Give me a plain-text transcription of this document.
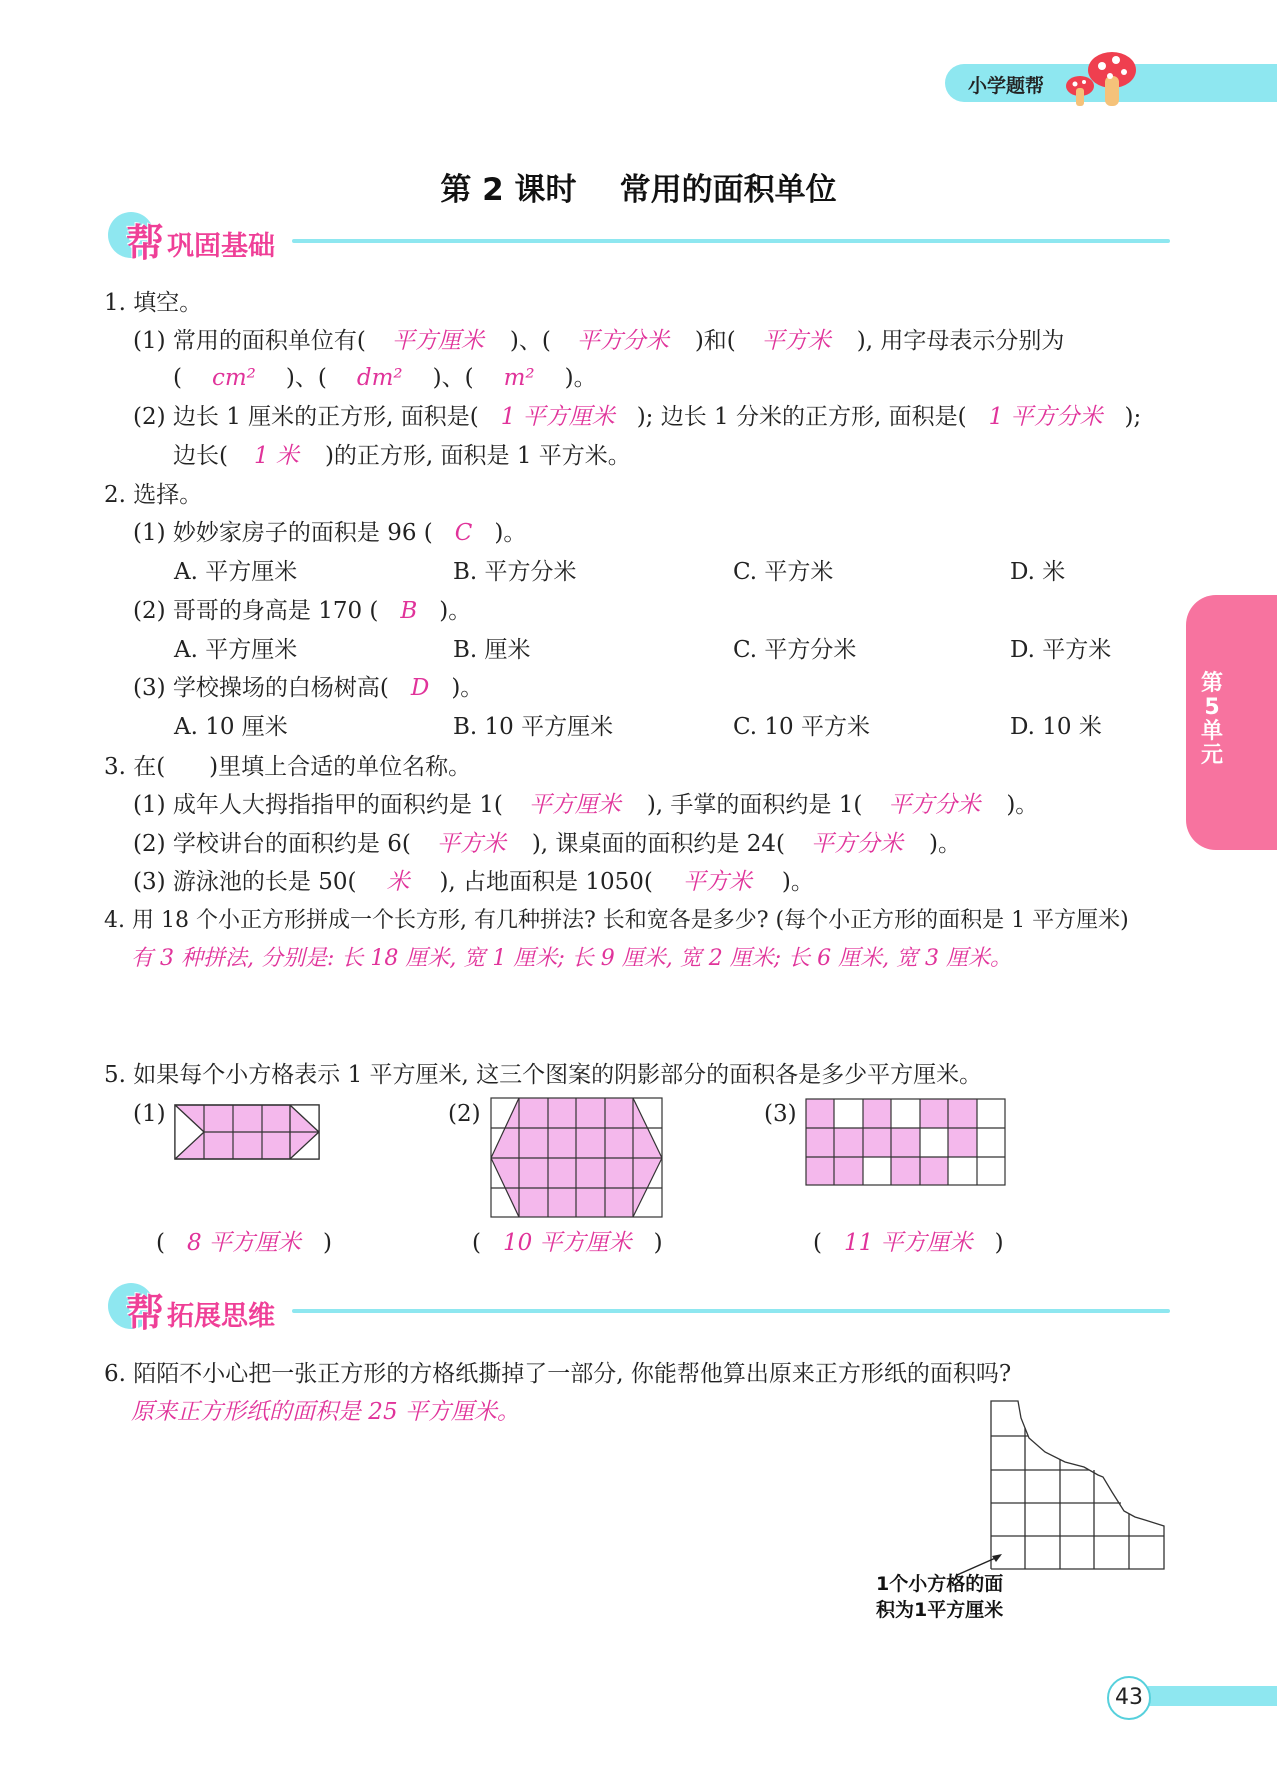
小学题帮
第 2 课时    常用的面积单位
帮 巩固基础
第5单元
1. 填空。
(1) 常用的面积单位有( 平方厘米 )、( 平方分米 )和( 平方米 ), 用字母表示分别为
( cm² )、( dm² )、( m² )。
(2) 边长 1 厘米的正方形, 面积是( 1 平方厘米 ); 边长 1 分米的正方形, 面积是( 1 平方分米 );
边长( 1 米 )的正方形, 面积是 1 平方米。
2. 选择。
(1) 妙妙家房子的面积是 96 ( C )。
A. 平方厘米	B. 平方分米	C. 平方米	D. 米
(2) 哥哥的身高是 170 ( B )。
A. 平方厘米	B. 厘米	C. 平方分米	D. 平方米
(3) 学校操场的白杨树高( D )。
A. 10 厘米	B. 10 平方厘米	C. 10 平方米	D. 10 米
3. 在(      )里填上合适的单位名称。
(1) 成年人大拇指指甲的面积约是 1( 平方厘米 ), 手掌的面积约是 1( 平方分米 )。
(2) 学校讲台的面积约是 6( 平方米 ), 课桌面的面积约是 24( 平方分米 )。
(3) 游泳池的长是 50( 米 ), 占地面积是 1050( 平方米 )。
4. 用 18 个小正方形拼成一个长方形, 有几种拼法? 长和宽各是多少? (每个小正方形的面积是 1 平方厘米)
有 3 种拼法, 分别是: 长 18 厘米, 宽 1 厘米; 长 9 厘米, 宽 2 厘米; 长 6 厘米, 宽 3 厘米。
5. 如果每个小方格表示 1 平方厘米, 这三个图案的阴影部分的面积各是多少平方厘米。
(1)	(2)	(3)
( 8 平方厘米 )	( 10 平方厘米 )	( 11 平方厘米 )
帮 拓展思维
6. 陌陌不小心把一张正方形的方格纸撕掉了一部分, 你能帮他算出原来正方形纸的面积吗?
原来正方形纸的面积是 25 平方厘米。
1个小方格的面
积为1平方厘米
43
